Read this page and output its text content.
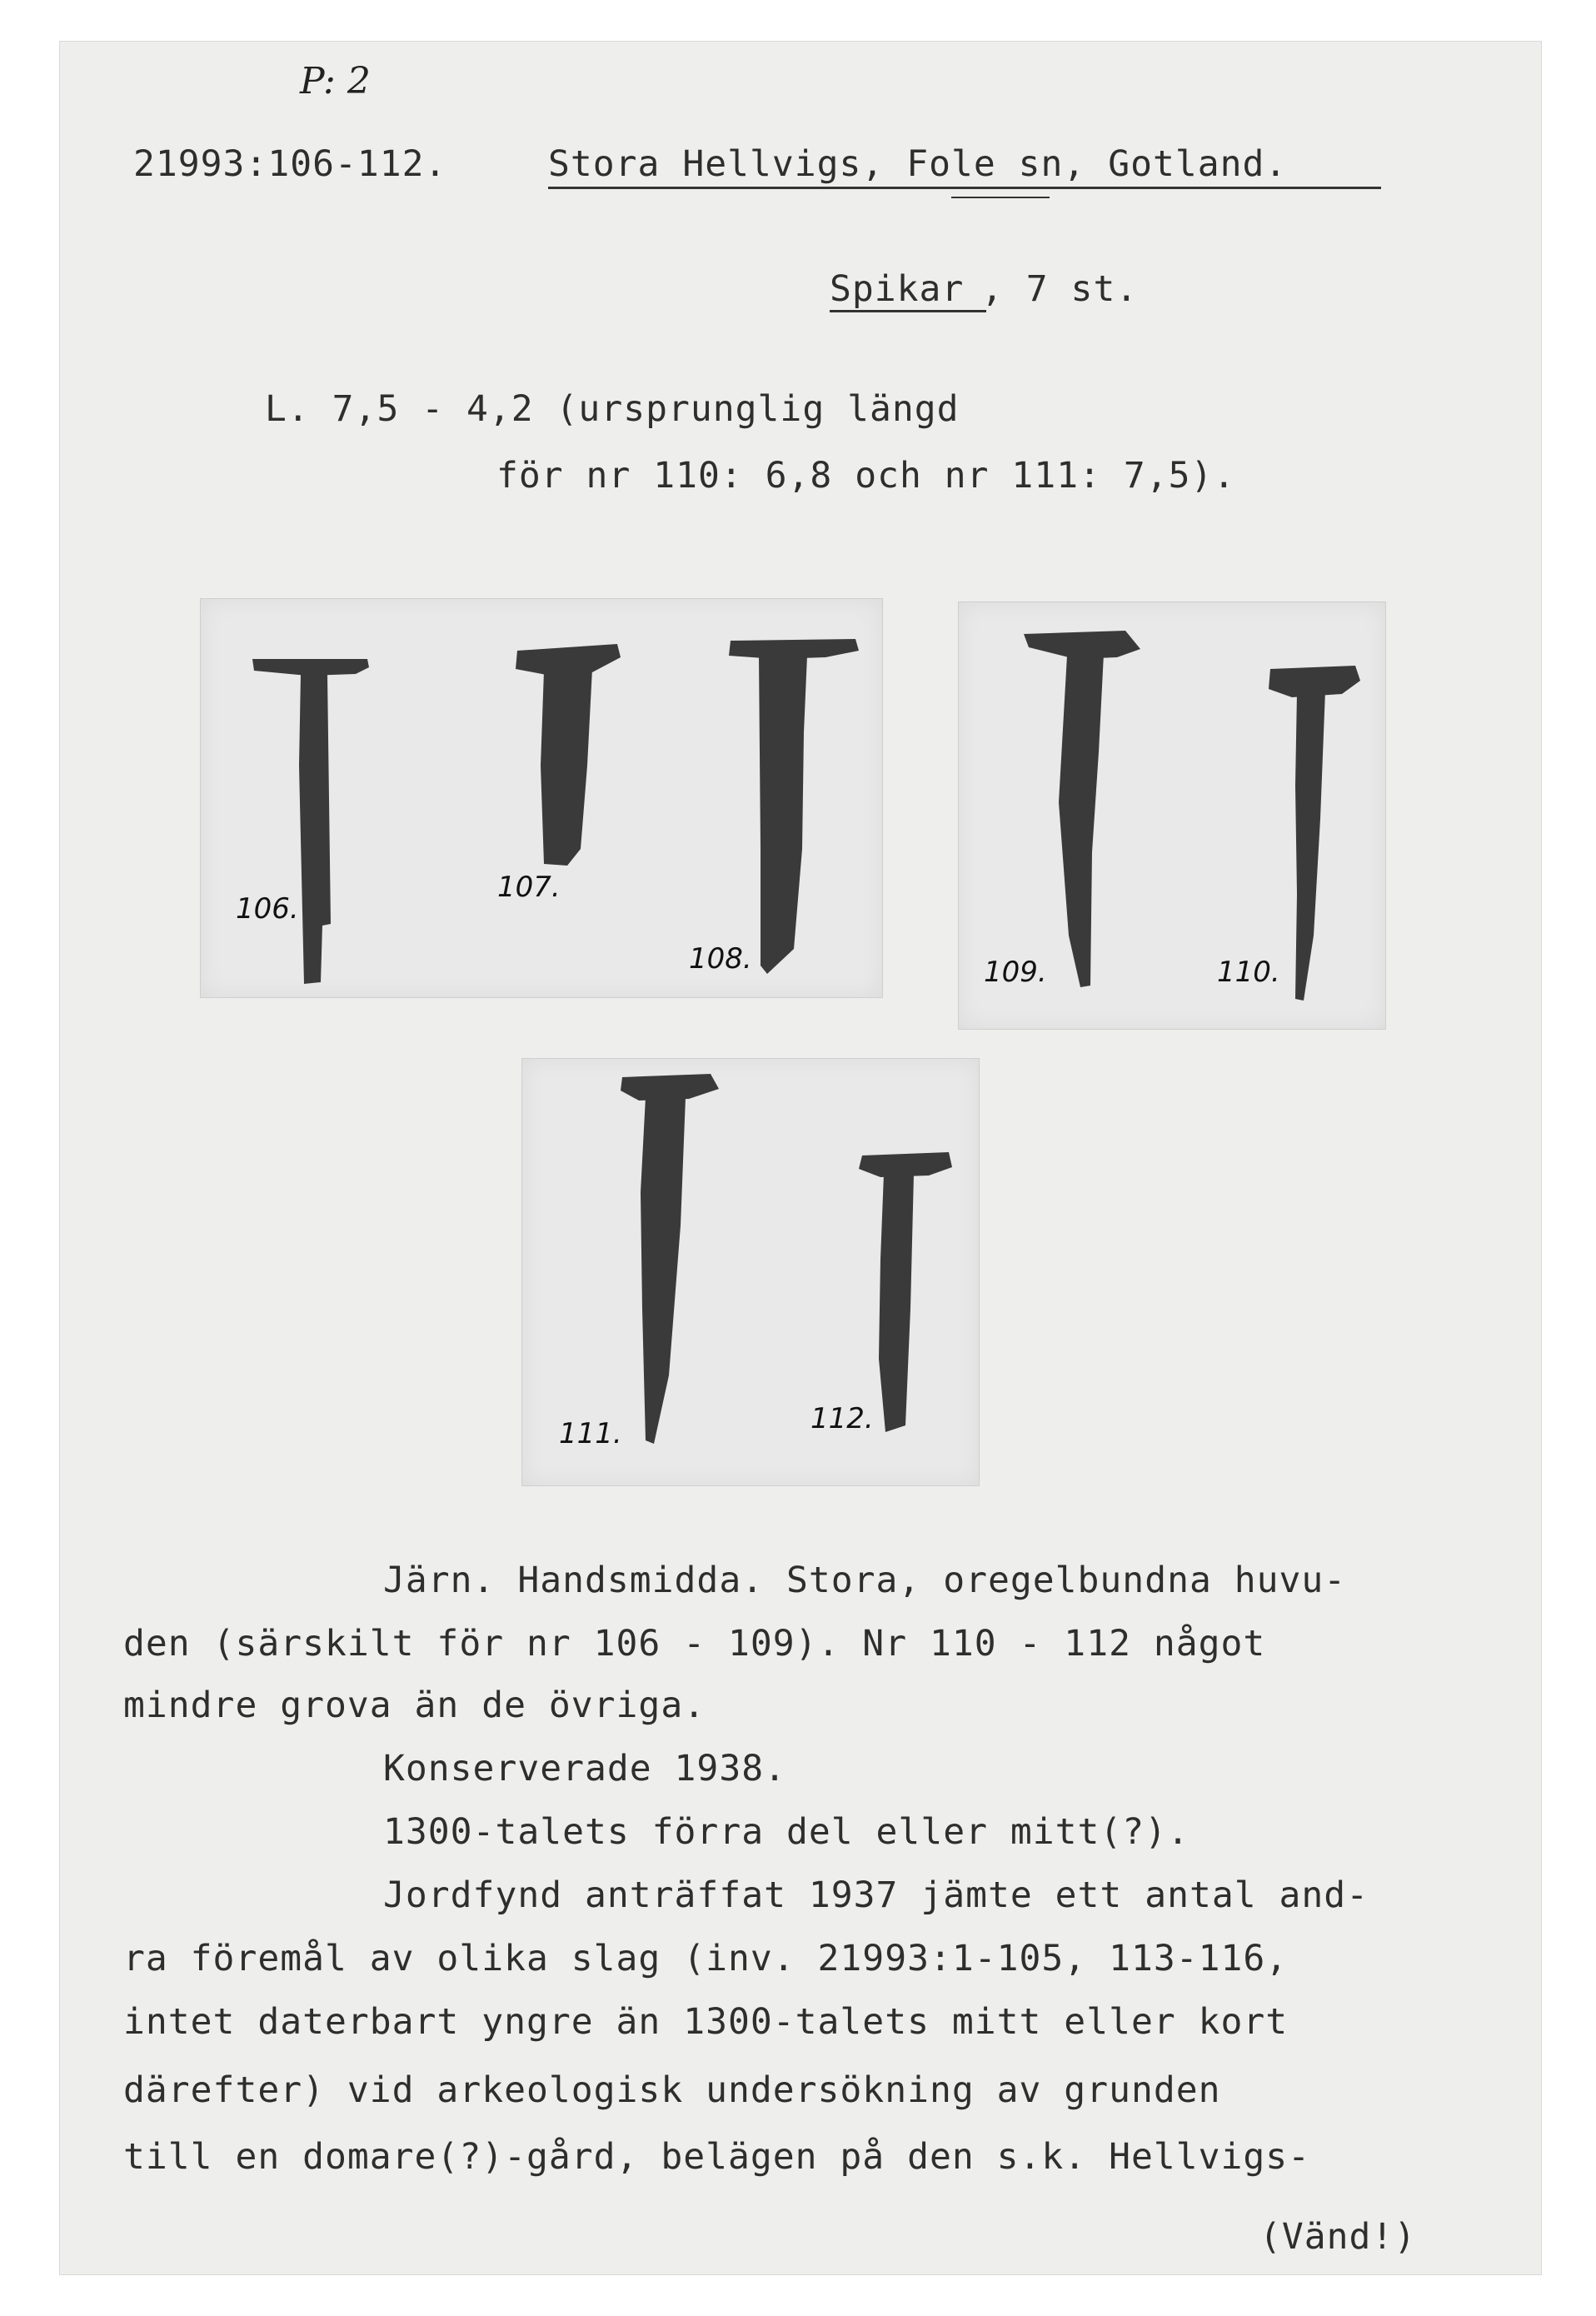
P: 2
21993:106-112.	Stora Hellvigs, Fole sn, Gotland.
Spikar , 7 st.
L. 7,5 - 4,2 (ursprunglig längd
för nr 110: 6,8 och nr 111: 7,5).
106.
107.
108.	109.	110.
111.	112.
Järn. Handsmidda. Stora, oregelbundna huvu-
den (särskilt för nr 106 - 109). Nr 110 - 112 något
mindre grova än de övriga.
Konserverade 1938.
1300-talets förra del eller mitt(?).
Jordfynd anträffat 1937 jämte ett antal and-
ra föremål av olika slag (inv. 21993:1-105, 113-116,
intet daterbart yngre än 1300-talets mitt eller kort
därefter) vid arkeologisk undersökning av grunden
till en domare(?)-gård, belägen på den s.k. Hellvigs-
(Vänd!)
